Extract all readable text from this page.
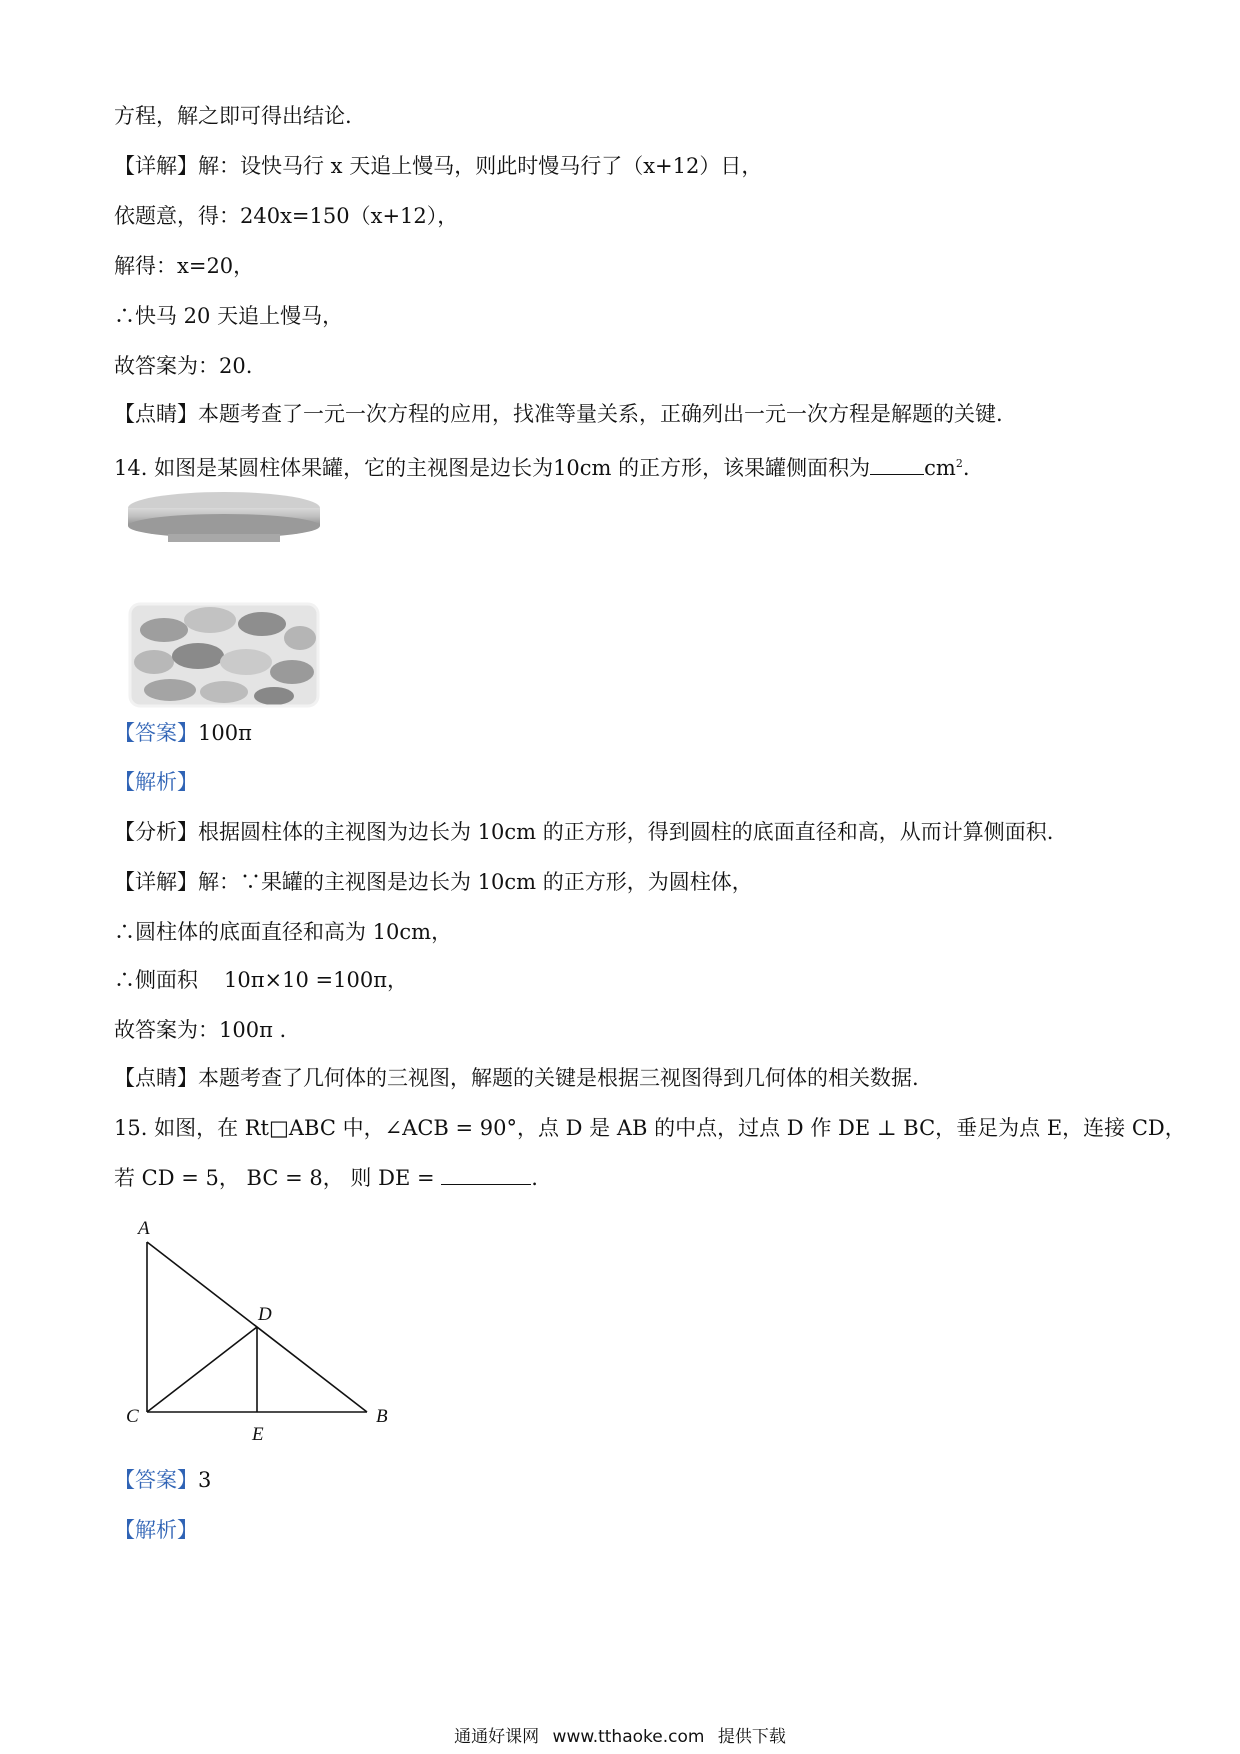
方程，解之即可得出结论.
【详解】解：设快马行 x 天追上慢马，则此时慢马行了（x+12）日，
依题意，得：240x=150（x+12），
解得：x=20，
∴快马 20 天追上慢马，
故答案为：20.
【点睛】本题考查了一元一次方程的应用，找准等量关系，正确列出一元一次方程是解题的关键.
14. 如图是某圆柱体果罐，它的主视图是边长为10cm 的正方形，该果罐侧面积为	$cm^2$.
【答案】100π
【解析】
【分析】根据圆柱体的主视图为边长为 10cm 的正方形，得到圆柱的底面直径和高，从而计算侧面积.
【详解】解：∵果罐的主视图是边长为 10cm 的正方形，为圆柱体，
∴圆柱体的底面直径和高为 10cm，
∴侧面积 10π×10 =100π，
故答案为：100π .
【点睛】本题考查了几何体的三视图，解题的关键是根据三视图得到几何体的相关数据.
15. 如图，在 Rt□ABC 中，∠ACB = 90°，点 D 是 AB 的中点，过点 D 作 DE ⊥ BC，垂足为点 E，连接 CD，
若 CD = 5， BC = 8， 则 DE =	.
A
D
C
E
B
【答案】3
【解析】
通通好课网 www.tthaoke.com 提供下载
